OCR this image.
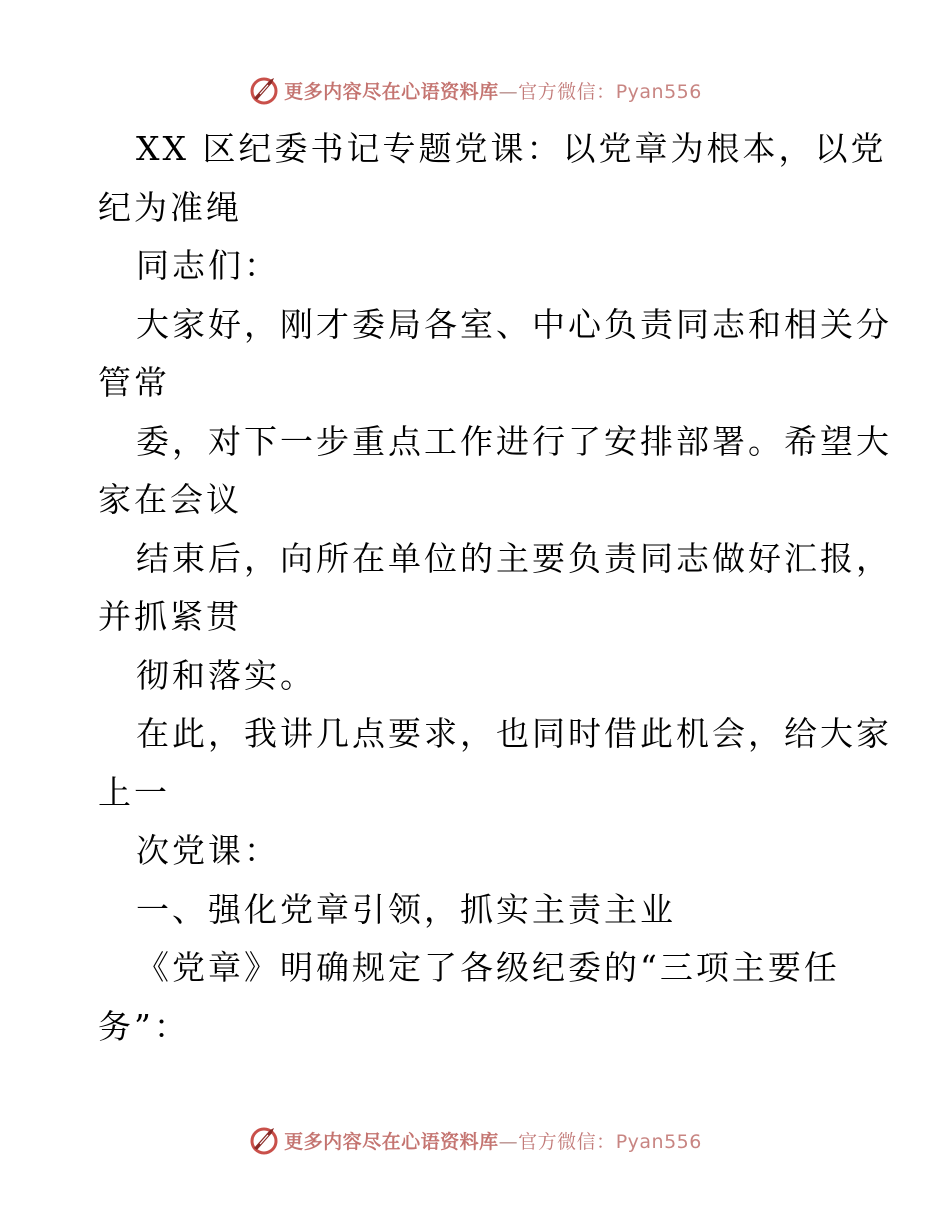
更多内容尽在心语资料库—官方微信：Pyan556
XX 区纪委书记专题党课：以党章为根本，以党
纪为准绳
同志们：
大家好，刚才委局各室、中心负责同志和相关分
管常
委，对下一步重点工作进行了安排部署。希望大
家在会议
结束后，向所在单位的主要负责同志做好汇报，
并抓紧贯
彻和落实。
在此，我讲几点要求，也同时借此机会，给大家
上一
次党课：
一、强化党章引领，抓实主责主业
《党章》明确规定了各级纪委的“三项主要任
务”：
更多内容尽在心语资料库—官方微信：Pyan556
